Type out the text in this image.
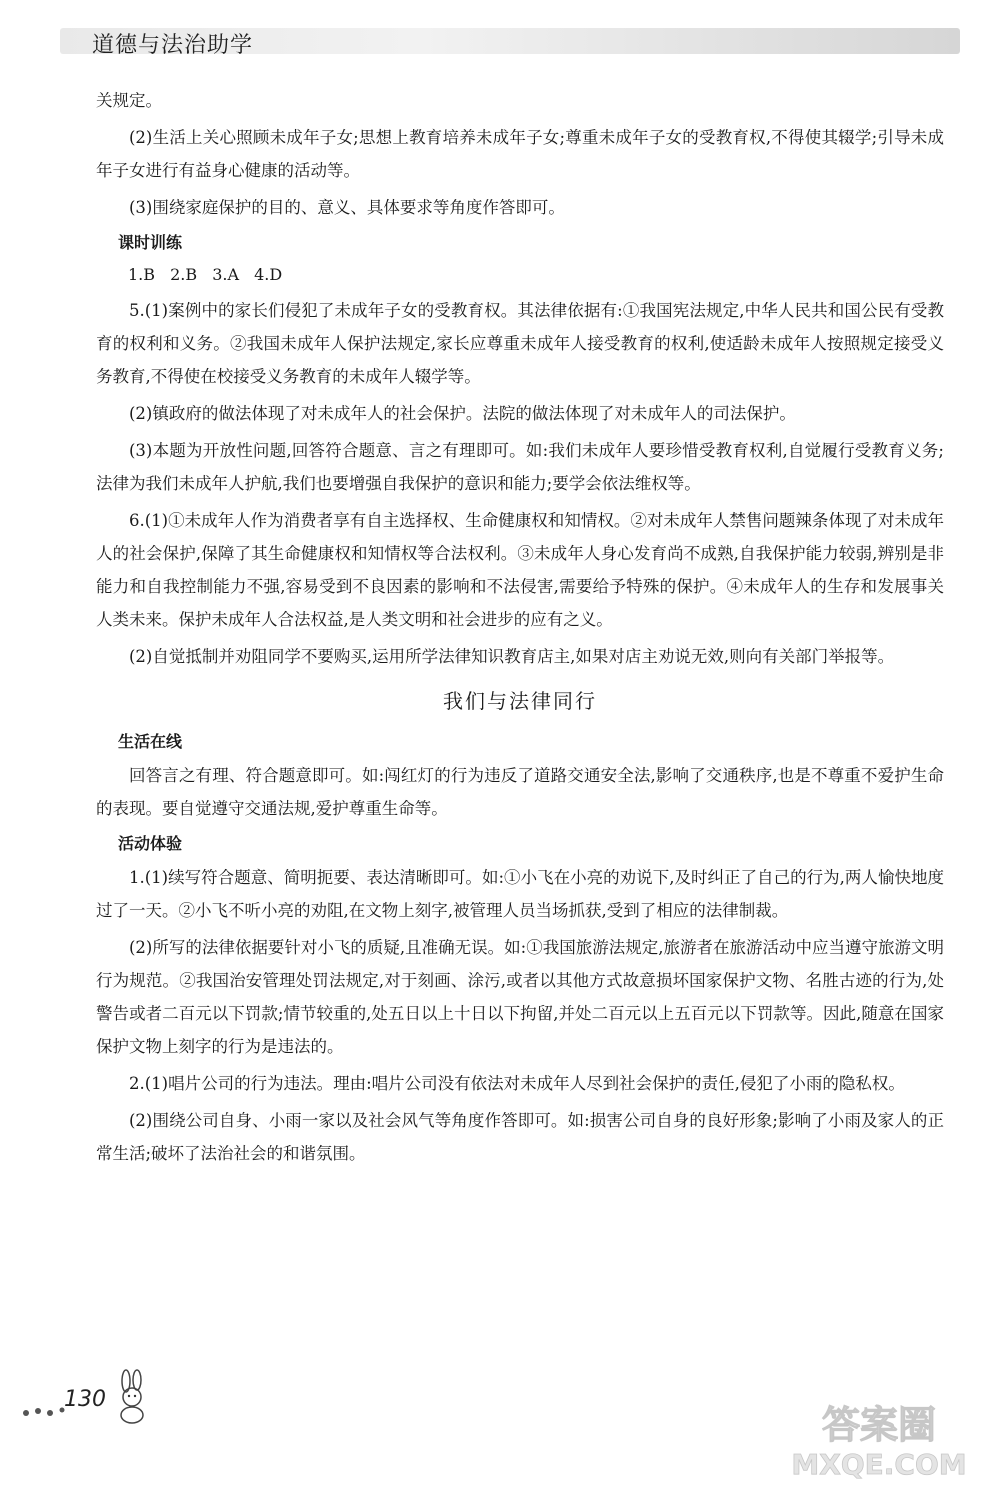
道德与法治助学

关规定。

(2)生活上关心照顾未成年子女;思想上教育培养未成年子女;尊重未成年子女的受教育权,不得使其辍学;引导未成年子女进行有益身心健康的活动等。

(3)围绕家庭保护的目的、意义、具体要求等角度作答即可。

课时训练
1.B 2.B 3.A 4.D

5.(1)案例中的家长们侵犯了未成年子女的受教育权。其法律依据有:①我国宪法规定,中华人民共和国公民有受教育的权利和义务。②我国未成年人保护法规定,家长应尊重未成年人接受教育的权利,使适龄未成年人按照规定接受义务教育,不得使在校接受义务教育的未成年人辍学等。

(2)镇政府的做法体现了对未成年人的社会保护。法院的做法体现了对未成年人的司法保护。

(3)本题为开放性问题,回答符合题意、言之有理即可。如:我们未成年人要珍惜受教育权利,自觉履行受教育义务;法律为我们未成年人护航,我们也要增强自我保护的意识和能力;要学会依法维权等。

6.(1)①未成年人作为消费者享有自主选择权、生命健康权和知情权。②对未成年人禁售问题辣条体现了对未成年人的社会保护,保障了其生命健康权和知情权等合法权利。③未成年人身心发育尚不成熟,自我保护能力较弱,辨别是非能力和自我控制能力不强,容易受到不良因素的影响和不法侵害,需要给予特殊的保护。④未成年人的生存和发展事关人类未来。保护未成年人合法权益,是人类文明和社会进步的应有之义。

(2)自觉抵制并劝阻同学不要购买,运用所学法律知识教育店主,如果对店主劝说无效,则向有关部门举报等。

我们与法律同行
生活在线

回答言之有理、符合题意即可。如:闯红灯的行为违反了道路交通安全法,影响了交通秩序,也是不尊重不爱护生命的表现。要自觉遵守交通法规,爱护尊重生命等。

活动体验

1.(1)续写符合题意、简明扼要、表达清晰即可。如:①小飞在小亮的劝说下,及时纠正了自己的行为,两人愉快地度过了一天。②小飞不听小亮的劝阻,在文物上刻字,被管理人员当场抓获,受到了相应的法律制裁。

(2)所写的法律依据要针对小飞的质疑,且准确无误。如:①我国旅游法规定,旅游者在旅游活动中应当遵守旅游文明行为规范。②我国治安管理处罚法规定,对于刻画、涂污,或者以其他方式故意损坏国家保护文物、名胜古迹的行为,处警告或者二百元以下罚款;情节较重的,处五日以上十日以下拘留,并处二百元以上五百元以下罚款等。因此,随意在国家保护文物上刻字的行为是违法的。

2.(1)唱片公司的行为违法。理由:唱片公司没有依法对未成年人尽到社会保护的责任,侵犯了小雨的隐私权。

(2)围绕公司自身、小雨一家以及社会风气等角度作答即可。如:损害公司自身的良好形象;影响了小雨及家人的正常生活;破坏了法治社会的和谐氛围。

130
答案圈
MXQE.COM
